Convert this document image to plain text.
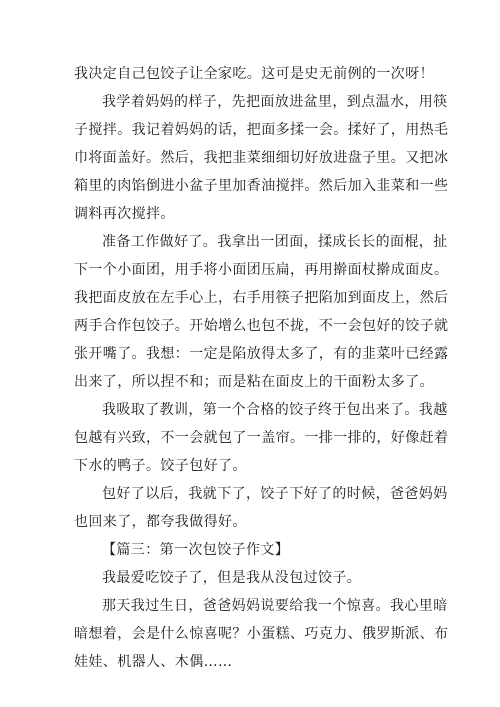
我决定自己包饺子让全家吃。这可是史无前例的一次呀！
我学着妈妈的样子，先把面放进盆里，到点温水，用筷
子搅拌。我记着妈妈的话，把面多揉一会。揉好了，用热毛
巾将面盖好。然后，我把韭菜细细切好放进盘子里。又把冰
箱里的肉馅倒进小盆子里加香油搅拌。然后加入韭菜和一些
调料再次搅拌。
准备工作做好了。我拿出一团面，揉成长长的面棍，扯
下一个小面团，用手将小面团压扁，再用擀面杖擀成面皮。
我把面皮放在左手心上，右手用筷子把陷加到面皮上，然后
两手合作包饺子。开始增么也包不拢，不一会包好的饺子就
张开嘴了。我想：一定是陷放得太多了，有的韭菜叶已经露
出来了，所以捏不和；而是粘在面皮上的干面粉太多了。
我吸取了教训，第一个合格的饺子终于包出来了。我越
包越有兴致，不一会就包了一盖帘。一排一排的，好像赶着
下水的鸭子。饺子包好了。
包好了以后，我就下了，饺子下好了的时候，爸爸妈妈
也回来了，都夸我做得好。
【篇三：第一次包饺子作文】
我最爱吃饺子了，但是我从没包过饺子。
那天我过生日，爸爸妈妈说要给我一个惊喜。我心里暗
暗想着，会是什么惊喜呢？小蛋糕、巧克力、俄罗斯派、布
娃娃、机器人、木偶……
